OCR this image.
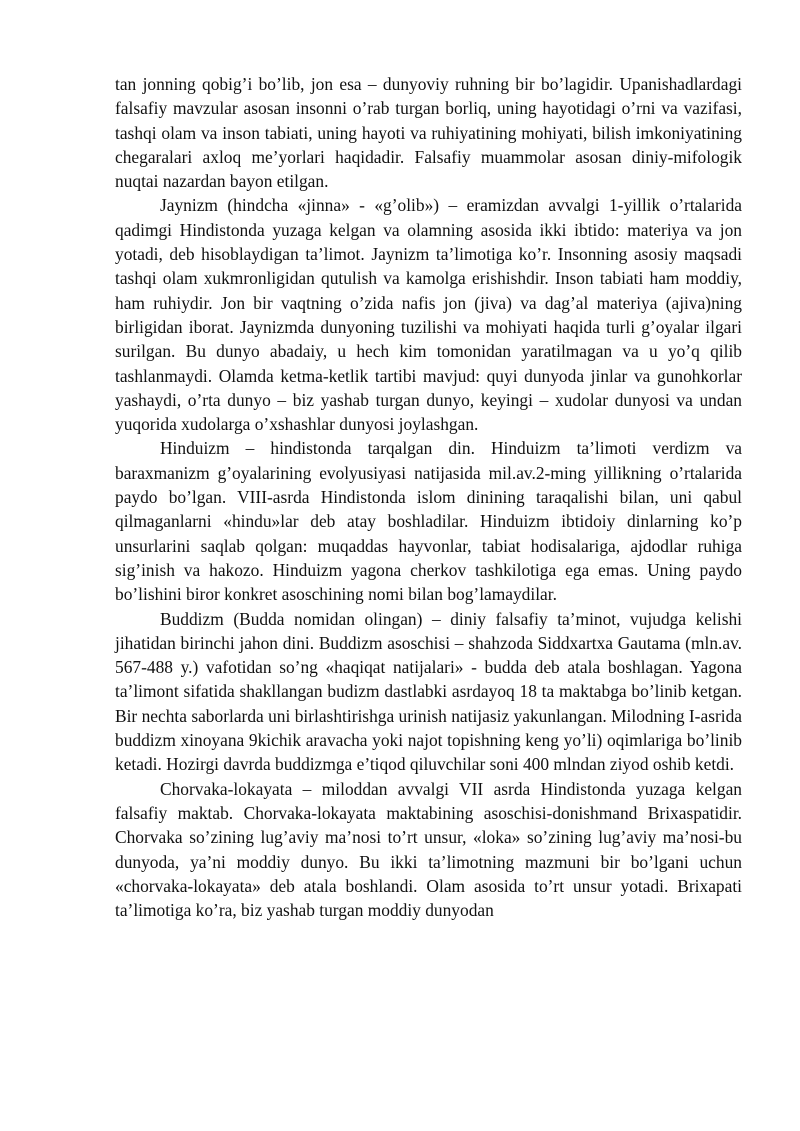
tan jonning qobig’i bo’lib, jon esa – dunyoviy ruhning bir bo’lagidir. Upanishadlardagi falsafiy mavzular asosan insonni o’rab turgan borliq, uning hayotidagi o’rni va vazifasi, tashqi olam va inson tabiati, uning hayoti va ruhiyatining mohiyati, bilish imkoniyatining chegaralari axloq me’yorlari haqidadir. Falsafiy muammolar asosan diniy-mifologik nuqtai nazardan bayon etilgan.

Jaynizm (hindcha «jinna» - «g’olib») – eramizdan avvalgi 1-yillik o’rtalarida qadimgi Hindistonda yuzaga kelgan va olamning asosida ikki ibtido: materiya va jon yotadi, deb hisoblaydigan ta’limot. Jaynizm ta’limotiga ko’r. Insonning asosiy maqsadi tashqi olam xukmronligidan qutulish va kamolga erishishdir. Inson tabiati ham moddiy, ham ruhiydir. Jon bir vaqtning o’zida nafis jon (jiva) va dag’al materiya (ajiva)ning birligidan iborat. Jaynizmda dunyoning tuzilishi va mohiyati haqida turli g’oyalar ilgari surilgan. Bu dunyo abadaiy, u hech kim tomonidan yaratilmagan va u yo’q qilib tashlanmaydi. Olamda ketma-ketlik tartibi mavjud: quyi dunyoda jinlar va gunohkorlar yashaydi, o’rta dunyo – biz yashab turgan dunyo, keyingi – xudolar dunyosi va undan yuqorida xudolarga o’xshashlar dunyosi joylashgan.

Hinduizm – hindistonda tarqalgan din. Hinduizm ta’limoti verdizm va baraxmanizm g’oyalarining evolyusiyasi natijasida mil.av.2-ming yillikning o’rtalarida paydo bo’lgan. VIII-asrda Hindistonda islom dinining taraqalishi bilan, uni qabul qilmaganlarni «hindu»lar deb atay boshladilar. Hinduizm ibtidoiy dinlarning ko’p unsurlarini saqlab qolgan: muqaddas hayvonlar, tabiat hodisalariga, ajdodlar ruhiga sig’inish va hakozo. Hinduizm yagona cherkov tashkilotiga ega emas. Uning paydo bo’lishini biror konkret asoschining nomi bilan bog’lamaydilar.

Buddizm (Budda nomidan olingan) – diniy falsafiy ta’minot, vujudga kelishi jihatidan birinchi jahon dini. Buddizm asoschisi – shahzoda Siddxartxa Gautama (mln.av. 567-488 y.) vafotidan so’ng «haqiqat natijalari» - budda deb atala boshlagan. Yagona ta’limont sifatida shakllangan budizm dastlabki asrdayoq 18 ta maktabga bo’linib ketgan. Bir nechta saborlarda uni birlashtirishga urinish natijasiz yakunlangan. Milodning I-asrida buddizm xinoyana 9kichik aravacha yoki najot topishning keng yo’li) oqimlariga bo’linib ketadi. Hozirgi davrda buddizmga e’tiqod qiluvchilar soni 400 mlndan ziyod oshib ketdi.

Chorvaka-lokayata – miloddan avvalgi VII asrda Hindistonda yuzaga kelgan falsafiy maktab. Chorvaka-lokayata maktabining asoschisi-donishmand Brixaspatidir. Chorvaka so’zining lug’aviy ma’nosi to’rt unsur, «loka» so’zining lug’aviy ma’nosi-bu dunyoda, ya’ni moddiy dunyo. Bu ikki ta’limotning mazmuni bir bo’lgani uchun «chorvaka-lokayata» deb atala boshlandi. Olam asosida to’rt unsur yotadi. Brixapati ta’limotiga ko’ra, biz yashab turgan moddiy dunyodan
